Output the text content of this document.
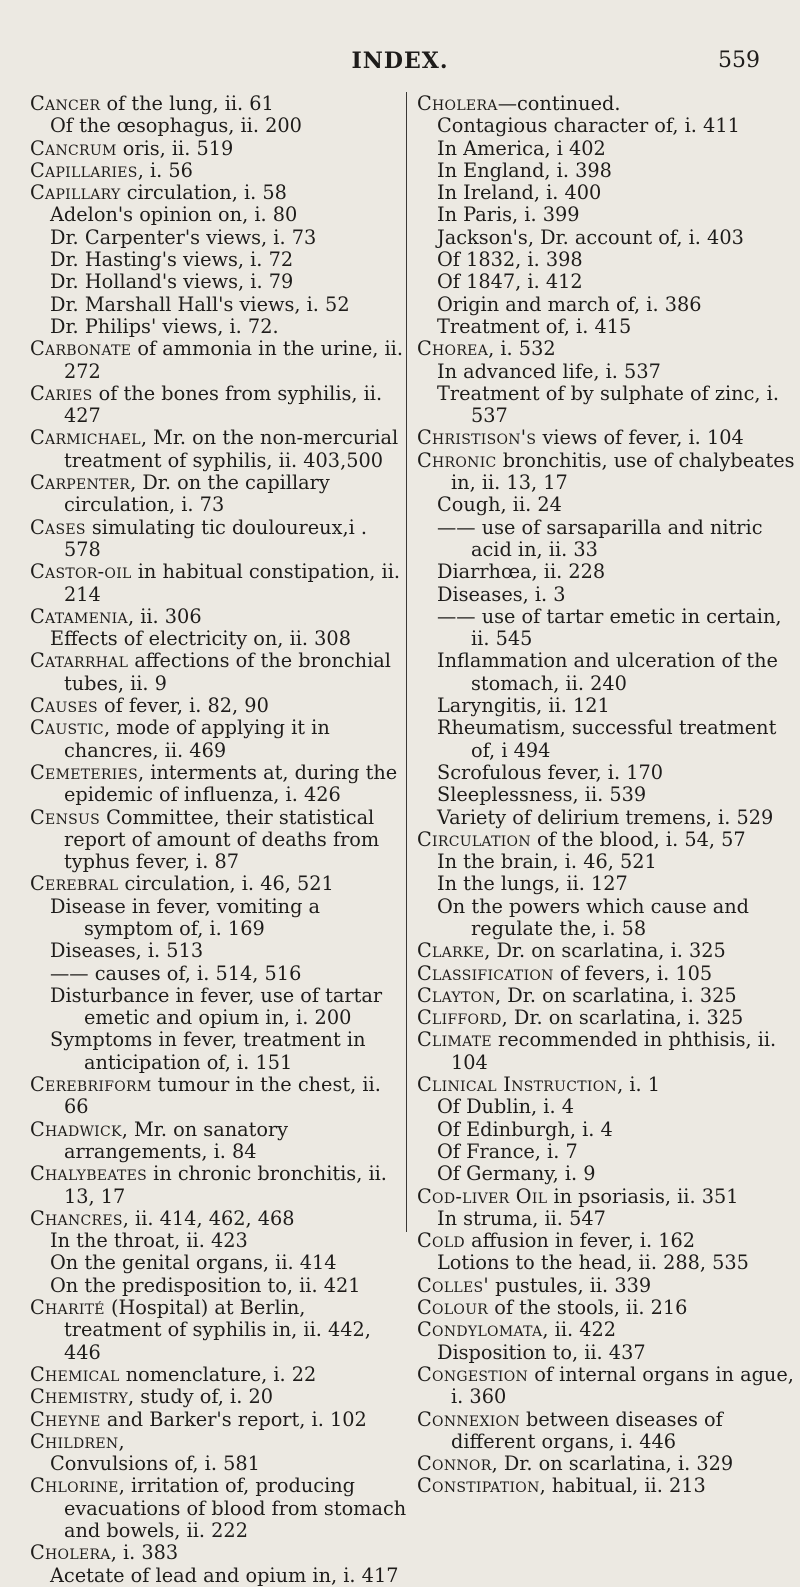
INDEX.	559

Cancer of the lung, ii. 61

Of the œsophagus, ii. 200

Cancrum oris, ii. 519

Capillaries, i. 56

Capillary circulation, i. 58

Adelon's opinion on, i. 80

Dr. Carpenter's views, i. 73

Dr. Hasting's views, i. 72

Dr. Holland's views, i. 79

Dr. Marshall Hall's views, i. 52

Dr. Philips' views, i. 72.

Carbonate of ammonia in the urine, ii. 272

Caries of the bones from syphilis, ii. 427

Carmichael, Mr. on the non-mercurial treatment of syphilis, ii. 403,500

Carpenter, Dr. on the capillary circulation, i. 73

Cases simulating tic douloureux,i . 578

Castor-oil in habitual constipation, ii. 214

Catamenia, ii. 306

Effects of electricity on, ii. 308

Catarrhal affections of the bronchial tubes, ii. 9

Causes of fever, i. 82, 90

Caustic, mode of applying it in chancres, ii. 469

Cemeteries, interments at, during the epidemic of influenza, i. 426

Census Committee, their statistical report of amount of deaths from typhus fever, i. 87

Cerebral circulation, i. 46, 521

Disease in fever, vomiting a symptom of, i. 169

Diseases, i. 513

—— causes of, i. 514, 516

Disturbance in fever, use of tartar emetic and opium in, i. 200

Symptoms in fever, treatment in anticipation of, i. 151

Cerebriform tumour in the chest, ii. 66

Chadwick, Mr. on sanatory arrangements, i. 84

Chalybeates in chronic bronchitis, ii. 13, 17

Chancres, ii. 414, 462, 468

In the throat, ii. 423

On the genital organs, ii. 414

On the predisposition to, ii. 421

Charité (Hospital) at Berlin, treatment of syphilis in, ii. 442, 446

Chemical nomenclature, i. 22

Chemistry, study of, i. 20

Cheyne and Barker's report, i. 102

Children,

Convulsions of, i. 581

Chlorine, irritation of, producing evacuations of blood from stomach and bowels, ii. 222

Cholera, i. 383

Acetate of lead and opium in, i. 417

Cholera—continued.

Contagious character of, i. 411

In America, i 402

In England, i. 398

In Ireland, i. 400

In Paris, i. 399

Jackson's, Dr. account of, i. 403

Of 1832, i. 398

Of 1847, i. 412

Origin and march of, i. 386

Treatment of, i. 415

Chorea, i. 532

In advanced life, i. 537

Treatment of by sulphate of zinc, i. 537

Christison's views of fever, i. 104

Chronic bronchitis, use of chalybeates in, ii. 13, 17

Cough, ii. 24

—— use of sarsaparilla and nitric acid in, ii. 33

Diarrhœa, ii. 228

Diseases, i. 3

—— use of tartar emetic in certain, ii. 545

Inflammation and ulceration of the stomach, ii. 240

Laryngitis, ii. 121

Rheumatism, successful treatment of, i 494

Scrofulous fever, i. 170

Sleeplessness, ii. 539

Variety of delirium tremens, i. 529

Circulation of the blood, i. 54, 57

In the brain, i. 46, 521

In the lungs, ii. 127

On the powers which cause and regulate the, i. 58

Clarke, Dr. on scarlatina, i. 325

Classification of fevers, i. 105

Clayton, Dr. on scarlatina, i. 325

Clifford, Dr. on scarlatina, i. 325

Climate recommended in phthisis, ii. 104

Clinical Instruction, i. 1

Of Dublin, i. 4

Of Edinburgh, i. 4

Of France, i. 7

Of Germany, i. 9

Cod-liver Oil in psoriasis, ii. 351

In struma, ii. 547

Cold affusion in fever, i. 162

Lotions to the head, ii. 288, 535

Colles' pustules, ii. 339

Colour of the stools, ii. 216

Condylomata, ii. 422

Disposition to, ii. 437

Congestion of internal organs in ague, i. 360

Connexion between diseases of different organs, i. 446

Connor, Dr. on scarlatina, i. 329

Constipation, habitual, ii. 213
